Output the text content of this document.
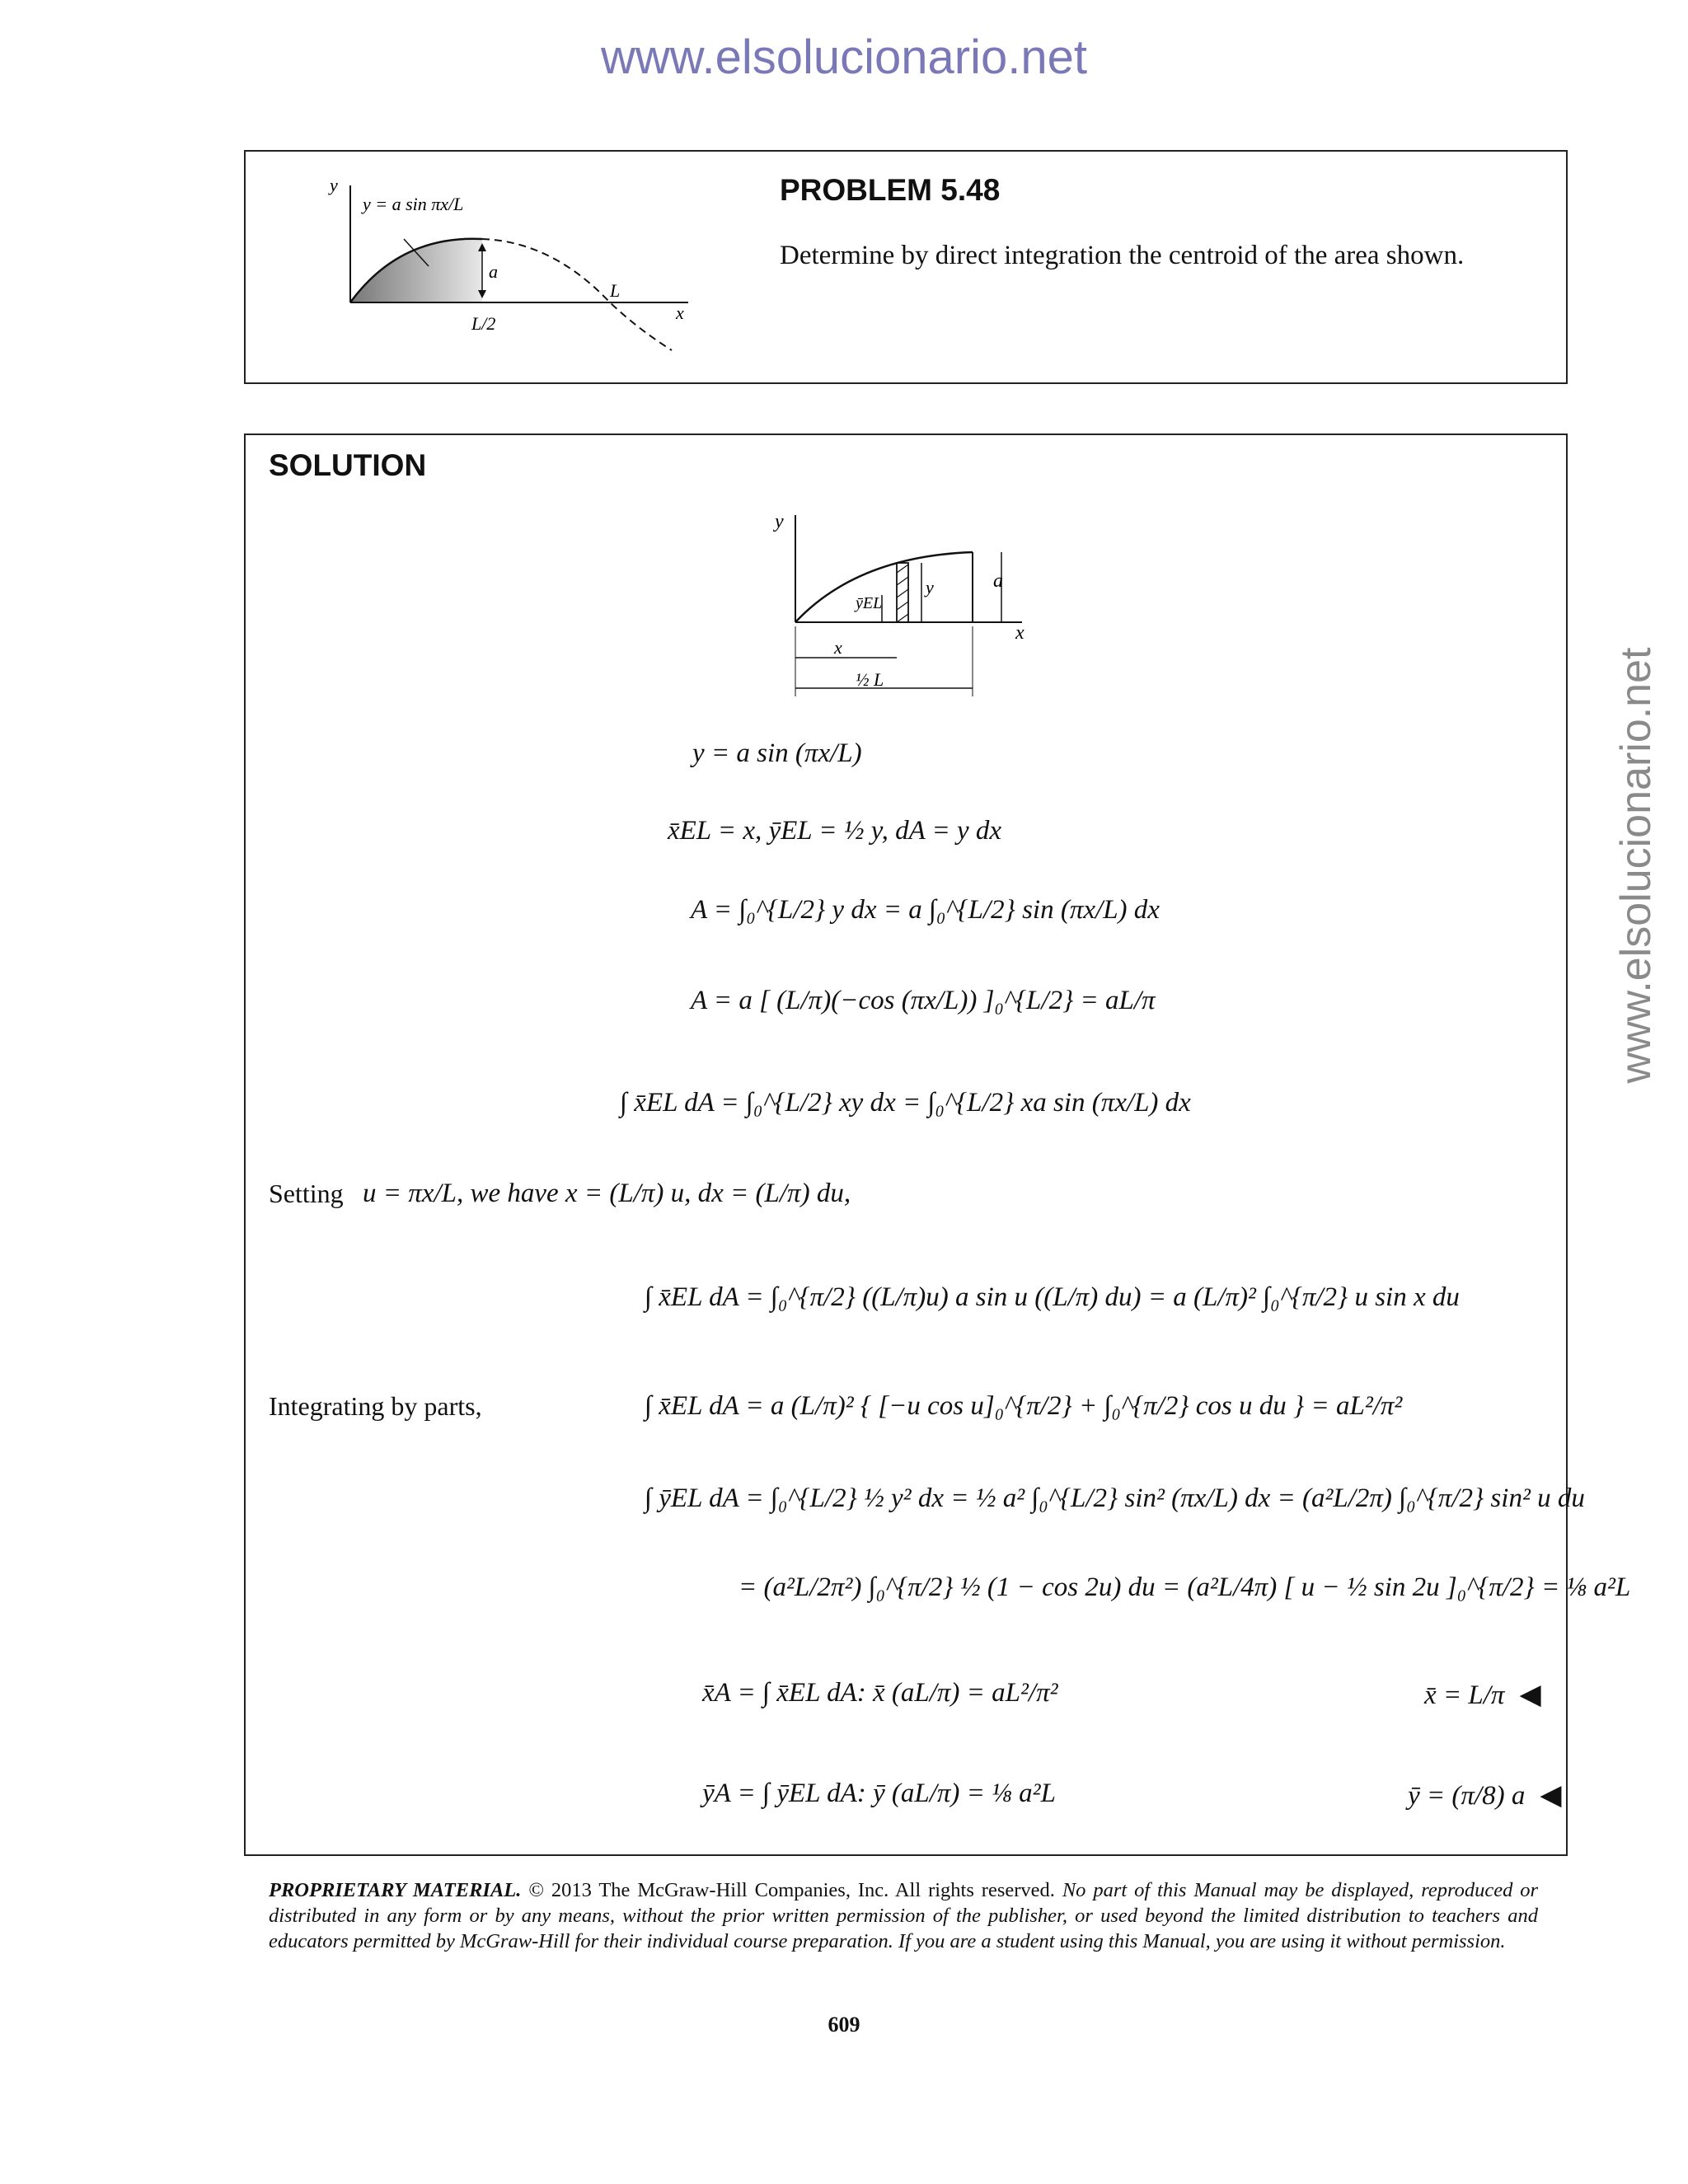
www.elsolucionario.net
www.elsolucionario.net
y
x
y = a sin πx/L
a
L
L/2
PROBLEM 5.48
Determine by direct integration the centroid of the area shown.
SOLUTION
y
x
a
y
ȳEL
x
½ L
y = a sin (πx/L)
x̄EL = x, ȳEL = ½ y, dA = y dx
A = ∫₀^{L/2} y dx = a ∫₀^{L/2} sin (πx/L) dx
A = a [ (L/π)(−cos (πx/L)) ]₀^{L/2} = aL/π
∫ x̄EL dA = ∫₀^{L/2} xy dx = ∫₀^{L/2} xa sin (πx/L) dx
Setting u = πx/L, we have x = (L/π) u, dx = (L/π) du,
∫ x̄EL dA = ∫₀^{π/2} ((L/π)u) a sin u ((L/π) du) = a (L/π)² ∫₀^{π/2} u sin x du
Integrating by parts,	∫ x̄EL dA = a (L/π)² { [−u cos u]₀^{π/2} + ∫₀^{π/2} cos u du } = aL²/π²
∫ ȳEL dA = ∫₀^{L/2} ½ y² dx = ½ a² ∫₀^{L/2} sin² (πx/L) dx = (a²L/2π) ∫₀^{π/2} sin² u du
= (a²L/2π²) ∫₀^{π/2} ½ (1 − cos 2u) du = (a²L/4π) [ u − ½ sin 2u ]₀^{π/2} = ⅛ a²L
x̄A = ∫ x̄EL dA: x̄ (aL/π) = aL²/π²
ȳA = ∫ ȳEL dA: ȳ (aL/π) = ⅛ a²L
x̄ = L/π ◀
ȳ = (π/8) a ◀
PROPRIETARY MATERIAL. © 2013 The McGraw-Hill Companies, Inc. All rights reserved. No part of this Manual may be displayed, reproduced or distributed in any form or by any means, without the prior written permission of the publisher, or used beyond the limited distribution to teachers and educators permitted by McGraw-Hill for their individual course preparation. If you are a student using this Manual, you are using it without permission.
609
